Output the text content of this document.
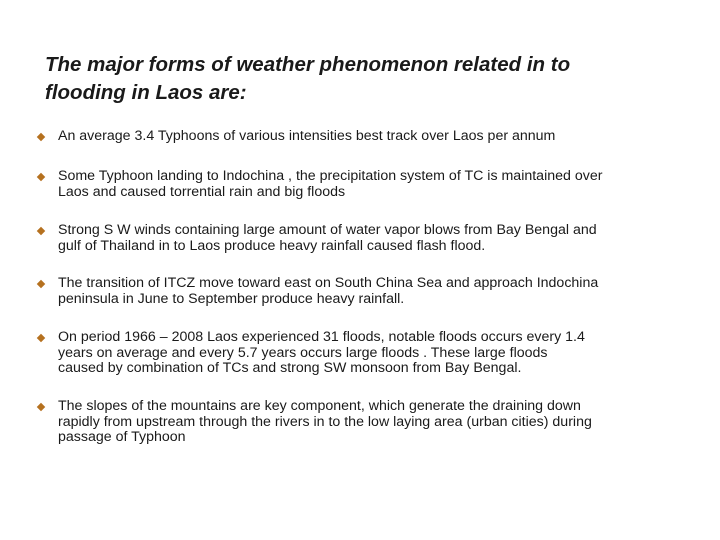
The major forms of weather phenomenon related in to
flooding in Laos are:
An average 3.4 Typhoons of various intensities best track over Laos per annum
Some Typhoon landing to Indochina , the precipitation system of TC is maintained over
Laos and caused torrential rain and big floods
Strong S W winds containing large amount of water vapor blows from Bay Bengal and
gulf of Thailand in to Laos produce heavy rainfall caused flash flood.
The transition of ITCZ move toward east on South China Sea and approach Indochina
peninsula in June to September produce heavy rainfall.
On period 1966 – 2008 Laos experienced 31 floods, notable floods occurs every 1.4
years on average and every 5.7 years occurs large floods . These large floods
caused by combination of TCs and strong SW monsoon from Bay Bengal.
The slopes of the mountains are key component, which generate the draining down
rapidly from upstream through the rivers in to the low laying area (urban cities) during
passage of Typhoon
